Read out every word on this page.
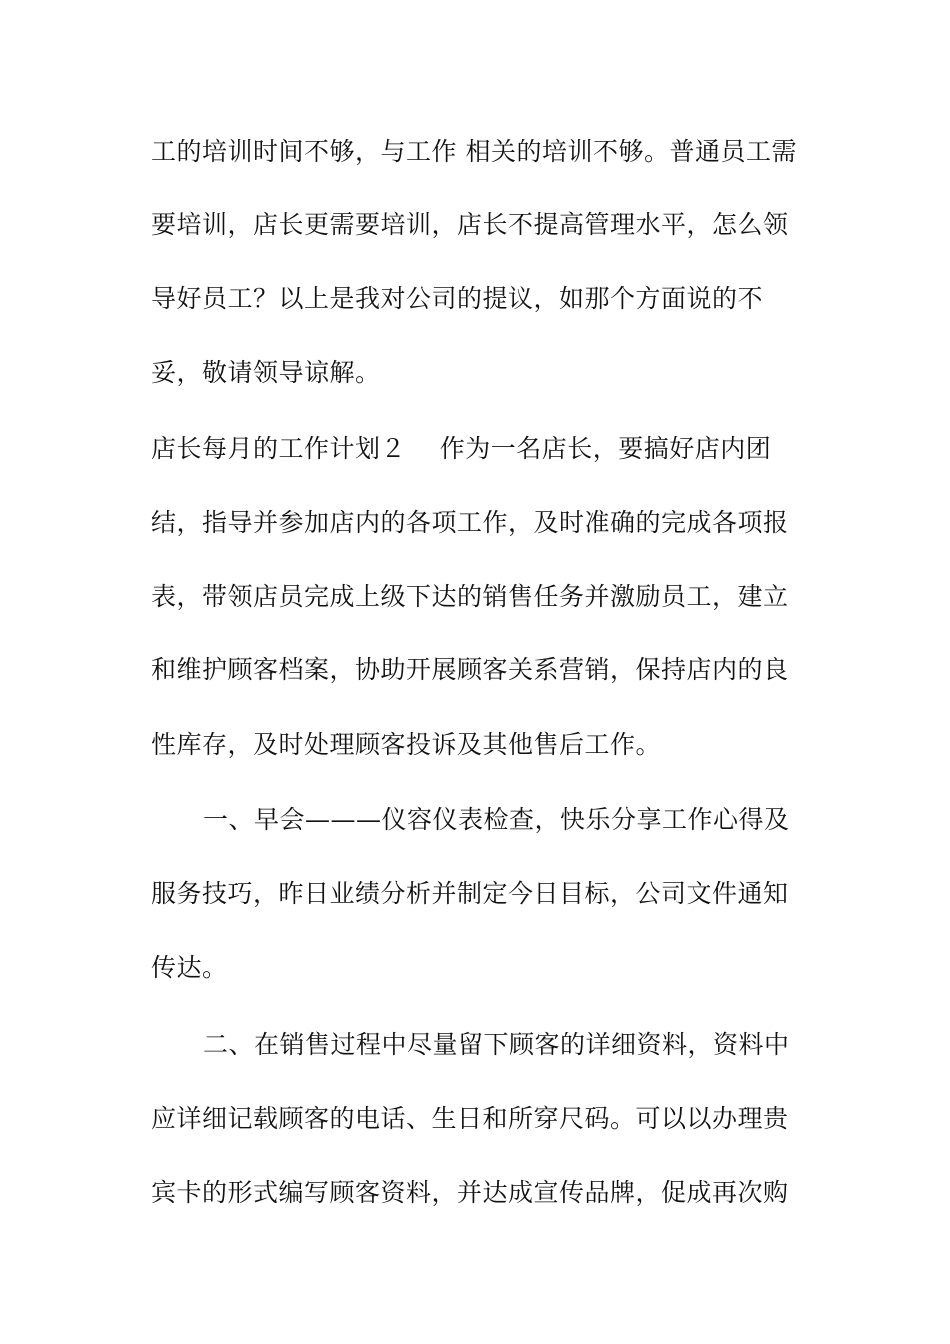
工的培训时间不够，与工作 相关的培训不够。普通员工需
要培训，店长更需要培训，店长不提高管理水平，怎么领
导好员工？以上是我对公司的提议，如那个方面说的不
妥，敬请领导谅解。
店长每月的工作计划２    作为一名店长，要搞好店内团
结，指导并参加店内的各项工作，及时准确的完成各项报
表，带领店员完成上级下达的销售任务并激励员工，建立
和维护顾客档案，协助开展顾客关系营销，保持店内的良
性库存，及时处理顾客投诉及其他售后工作。
一、早会———仪容仪表检查，快乐分享工作心得及
服务技巧，昨日业绩分析并制定今日目标，公司文件通知
传达。
二、在销售过程中尽量留下顾客的详细资料，资料中
应详细记载顾客的电话、生日和所穿尺码。可以以办理贵
宾卡的形式编写顾客资料，并达成宣传品牌，促成再次购
